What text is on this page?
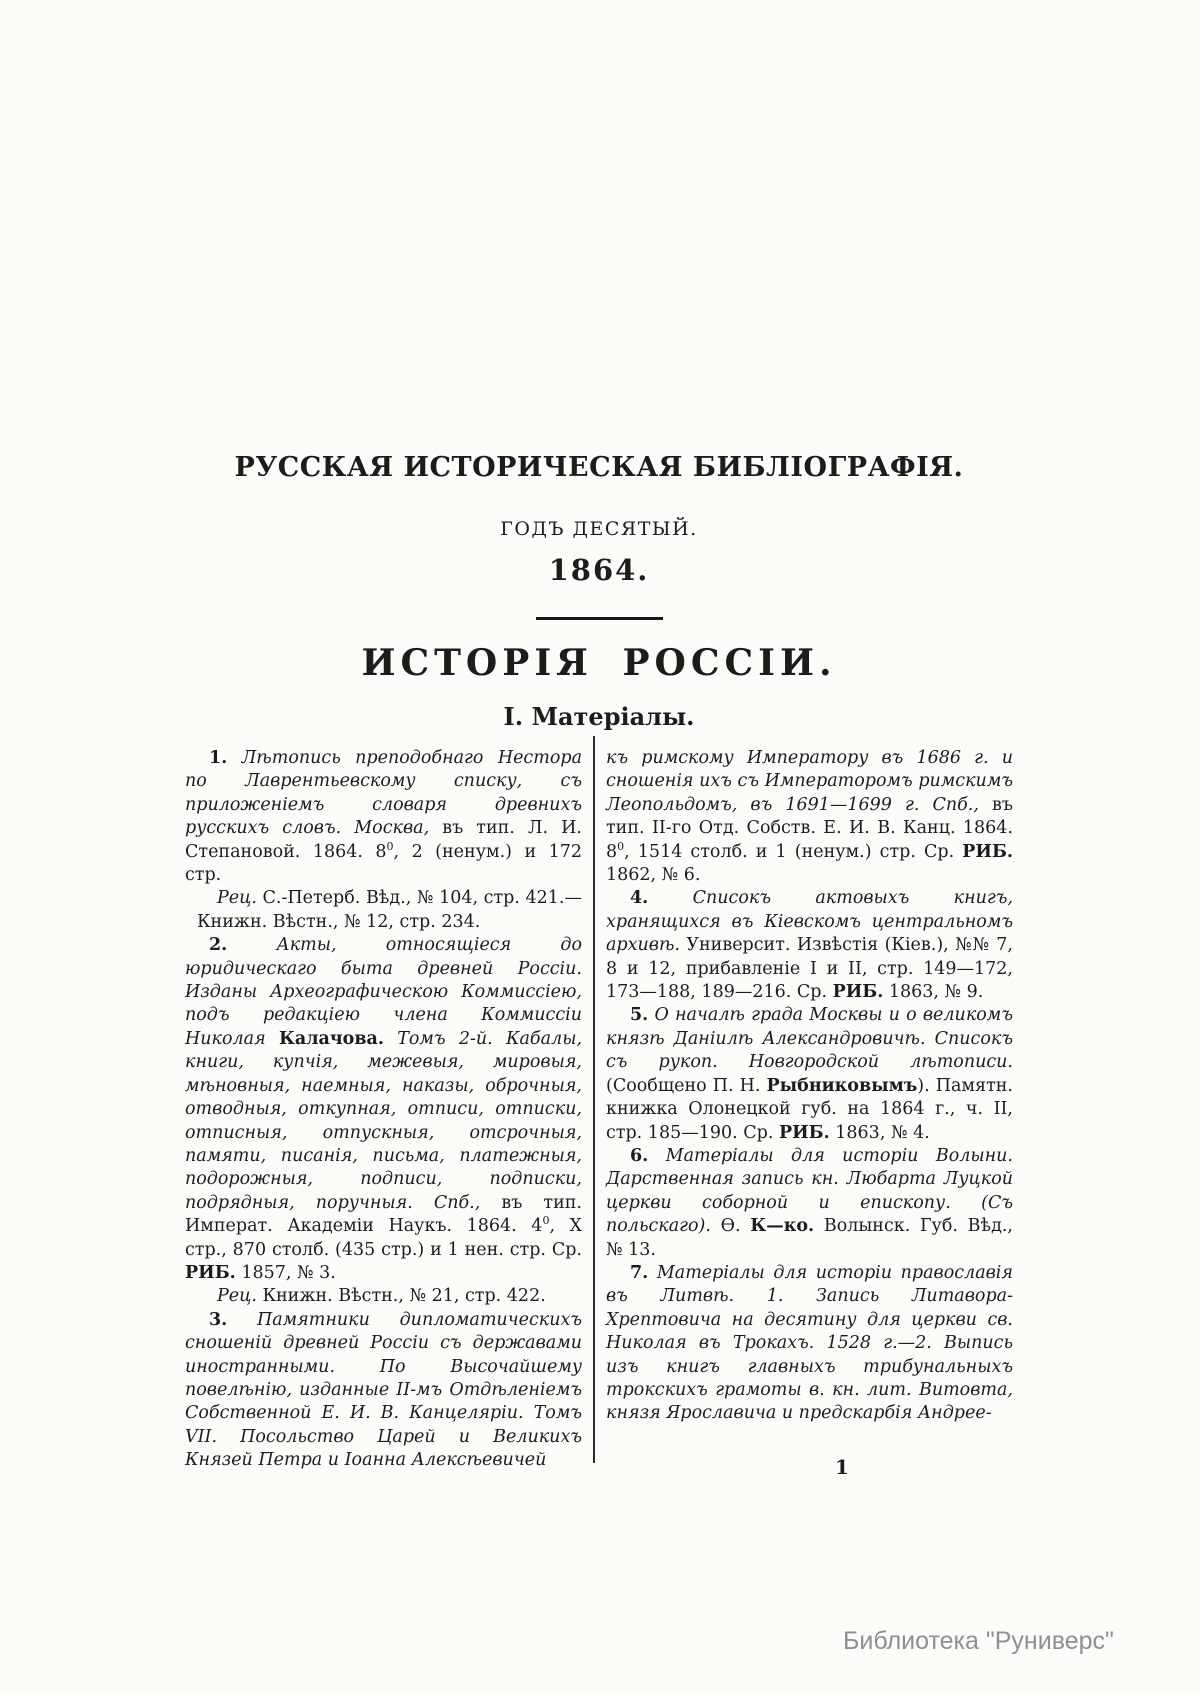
РУССКАЯ ИСТОРИЧЕСКАЯ БИБЛІОГРАФІЯ.
ГОДЪ ДЕСЯТЫЙ.
1864.
ИСТОРІЯ РОССІИ.
I. Матеріалы.

1. Лѣтопись преподобнаго Нестора по Лаврентьевскому списку, съ приложеніемъ словаря древнихъ русскихъ словъ. Москва, въ тип. Л. И. Степановой. 1864. $8^0$, 2 (ненум.) и 172 стр.

Рец. С.-Петерб. Вѣд., № 104, стр. 421.—Книжн. Вѣстн., № 12, стр. 234.

2. Акты, относящіеся до юридическаго быта древней Россіи. Изданы Археографическою Коммиссіею, подъ редакціею члена Коммиссіи Николая Калачова. Томъ 2-й. Кабалы, книги, купчія, межевыя, мировыя, мѣновныя, наемныя, наказы, оброчныя, отводныя, откупная, отписи, отписки, отписныя, отпускныя, отсрочныя, памяти, писанія, письма, платежныя, подорожныя, подписи, подписки, подрядныя, поручныя. Спб., въ тип. Императ. Академіи Наукъ. 1864. $4^0$, X стр., 870 столб. (435 стр.) и 1 нен. стр. Ср. РИБ. 1857, № 3.

Рец. Книжн. Вѣстн., № 21, стр. 422.

3. Памятники дипломатическихъ сношеній древней Россіи съ державами иностранными. По Высочайшему повелѣнію, изданные II-мъ Отдѣленіемъ Собственной Е. И. В. Канцеляріи. Томъ VII. Посольство Царей и Великихъ Князей Петра и Іоанна Алексѣевичей

къ римскому Императору въ 1686 г. и сношенія ихъ съ Императоромъ римскимъ Леопольдомъ, въ 1691—1699 г. Спб., въ тип. II-го Отд. Собств. Е. И. В. Канц. 1864. $8^0$, 1514 столб. и 1 (ненум.) стр. Ср. РИБ. 1862, № 6.

4. Списокъ актовыхъ книгъ, хранящихся въ Кіевскомъ центральномъ архивѣ. Университ. Извѣстія (Кіев.), №№ 7, 8 и 12, прибавленіе I и II, стр. 149—172, 173—188, 189—216. Ср. РИБ. 1863, № 9.

5. О началѣ града Москвы и о великомъ князѣ Даніилѣ Александровичѣ. Списокъ съ рукоп. Новгородской лѣтописи. (Сообщено П. Н. Рыбниковымъ). Памятн. книжка Олонецкой губ. на 1864 г., ч. II, стр. 185—190. Ср. РИБ. 1863, № 4.

6. Матеріалы для исторіи Волыни. Дарственная запись кн. Любарта Луцкой церкви соборной и епископу. (Съ польскаго). Ѳ. К—ко. Волынск. Губ. Вѣд., № 13.

7. Матеріалы для исторіи православія въ Литвѣ. 1. Запись Литавора-Хрептовича на десятину для церкви св. Николая въ Трокахъ. 1528 г.—2. Выпись изъ книгъ главныхъ трибунальныхъ трокскихъ грамоты в. кн. лит. Витовта, князя Ярославича и предскарбія Андрее-

1
Библиотека "Руниверс"
